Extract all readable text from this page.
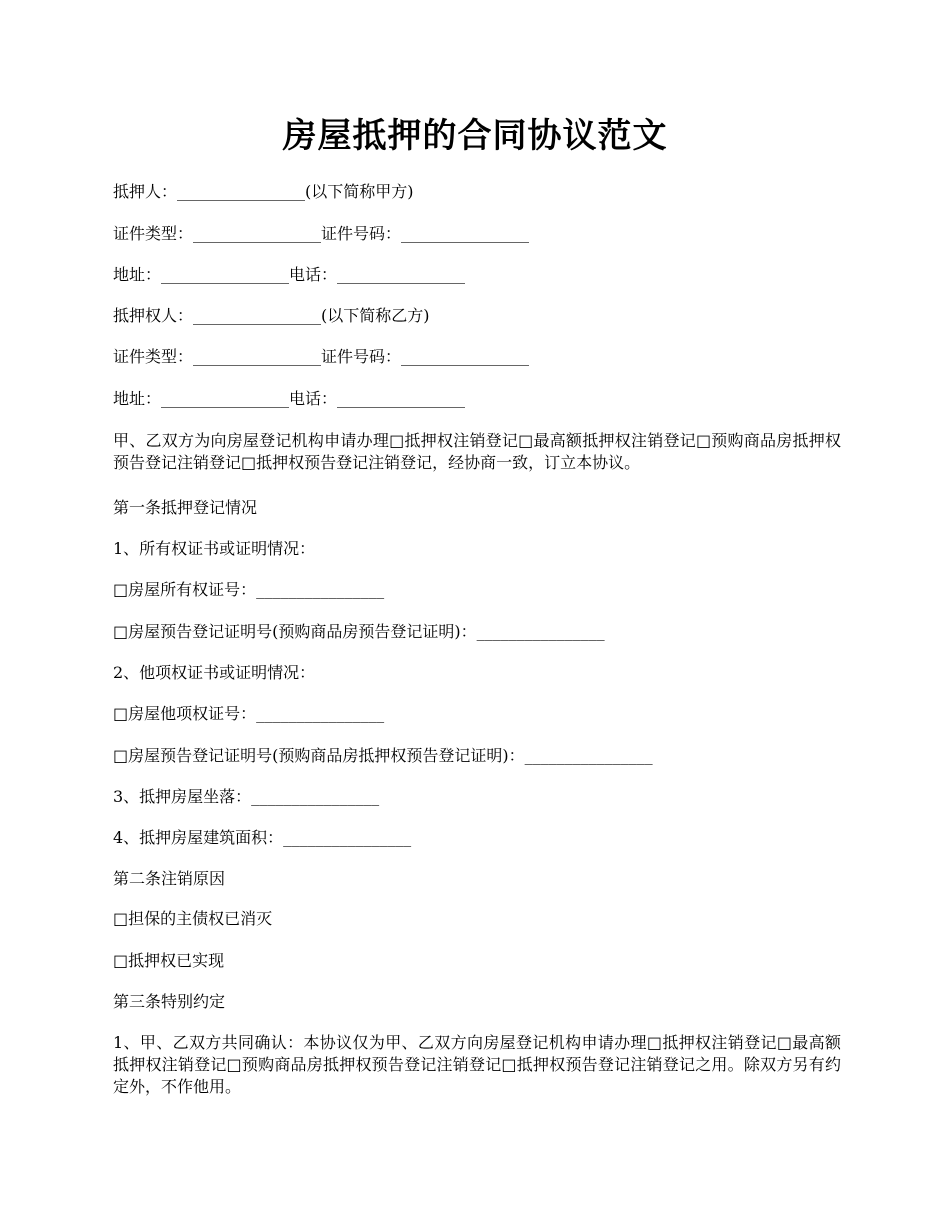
房屋抵押的合同协议范文
抵押人：________________(以下简称甲方)
证件类型：________________证件号码：________________
地址：________________电话：________________
抵押权人：________________(以下简称乙方)
证件类型：________________证件号码：________________
地址：________________电话：________________
甲、乙双方为向房屋登记机构申请办理□抵押权注销登记□最高额抵押权注销登记□预购商品房抵押权预告登记注销登记□抵押权预告登记注销登记，经协商一致，订立本协议。
第一条抵押登记情况
1、所有权证书或证明情况：
□房屋所有权证号：________________
□房屋预告登记证明号(预购商品房预告登记证明)：________________
2、他项权证书或证明情况：
□房屋他项权证号：________________
□房屋预告登记证明号(预购商品房抵押权预告登记证明)：________________
3、抵押房屋坐落：________________
4、抵押房屋建筑面积：________________
第二条注销原因
□担保的主债权已消灭
□抵押权已实现
第三条特别约定
1、甲、乙双方共同确认：本协议仅为甲、乙双方向房屋登记机构申请办理□抵押权注销登记□最高额抵押权注销登记□预购商品房抵押权预告登记注销登记□抵押权预告登记注销登记之用。除双方另有约定外，不作他用。
